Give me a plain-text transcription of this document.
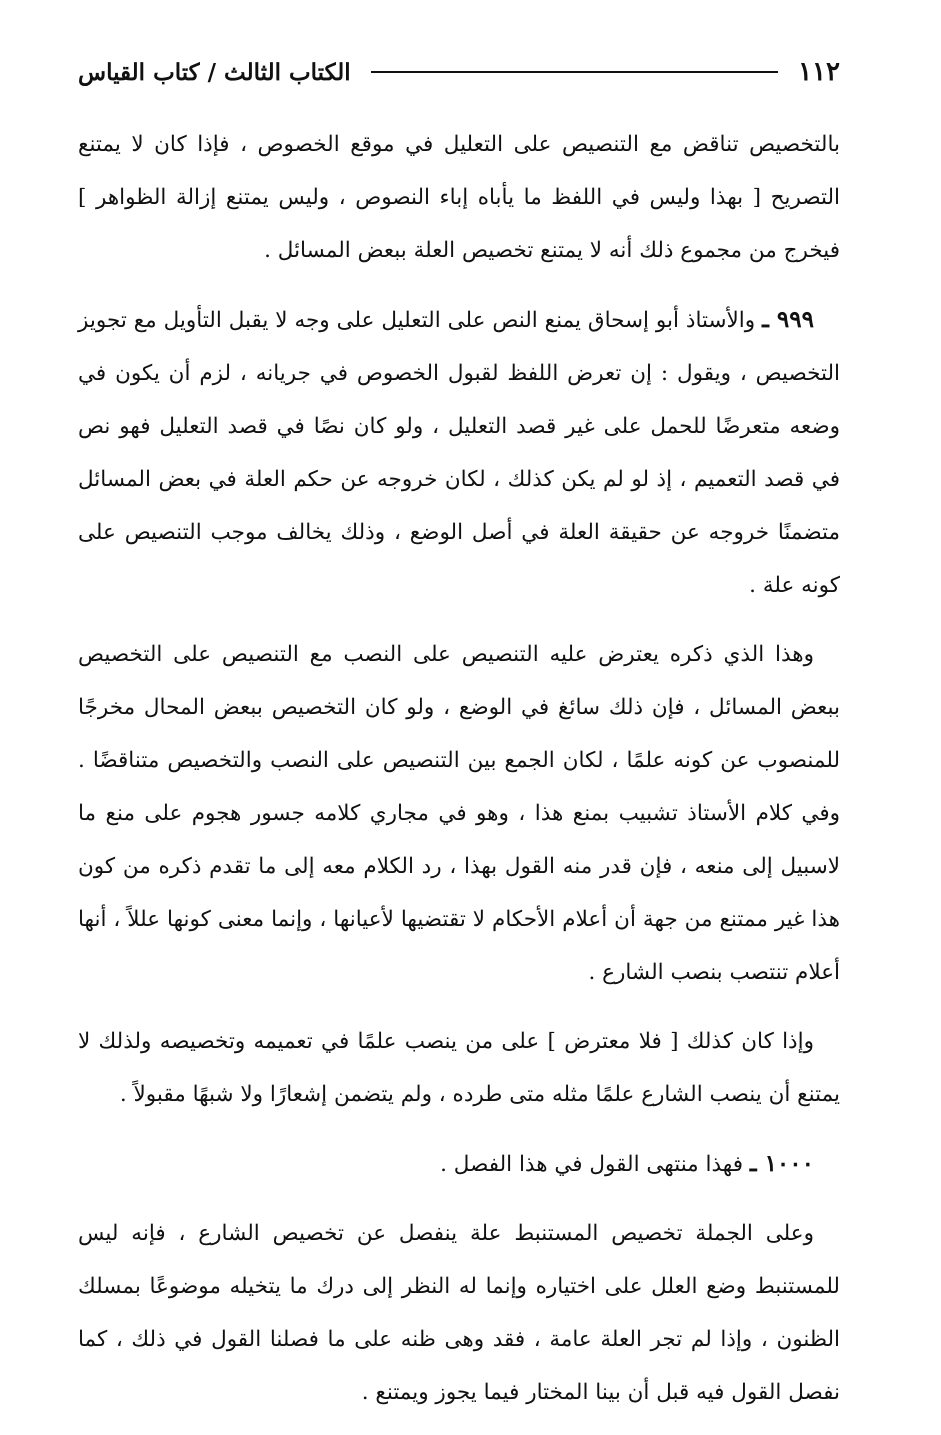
١١٢
الكتاب الثالث / كتاب القياس

بالتخصيص تناقض مع التنصيص على التعليل في موقع الخصوص ، فإذا كان لا يمتنع التصريح [ بهذا وليس في اللفظ ما يأباه إباء النصوص ، وليس يمتنع إزالة الظواهر ] فيخرج من مجموع ذلك أنه لا يمتنع تخصيص العلة ببعض المسائل .

٩٩٩ ـ والأستاذ أبو إسحاق يمنع النص على التعليل على وجه لا يقبل التأويل مع تجويز التخصيص ، ويقول : إن تعرض اللفظ لقبول الخصوص في جريانه ، لزم أن يكون في وضعه متعرضًا للحمل على غير قصد التعليل ، ولو كان نصًا في قصد التعليل فهو نص في قصد التعميم ، إذ لو لم يكن كذلك ، لكان خروجه عن حكم العلة في بعض المسائل متضمنًا خروجه عن حقيقة العلة في أصل الوضع ، وذلك يخالف موجب التنصيص على كونه علة .

وهذا الذي ذكره يعترض عليه التنصيص على النصب مع التنصيص على التخصيص ببعض المسائل ، فإن ذلك سائغ في الوضع ، ولو كان التخصيص ببعض المحال مخرجًا للمنصوب عن كونه علمًا ، لكان الجمع بين التنصيص على النصب والتخصيص متناقضًا . وفي كلام الأستاذ تشبيب بمنع هذا ، وهو في مجاري كلامه جسور هجوم على منع ما لاسبيل إلى منعه ، فإن قدر منه القول بهذا ، رد الكلام معه إلى ما تقدم ذكره من كون هذا غير ممتنع من جهة أن أعلام الأحكام لا تقتضيها لأعيانها ، وإنما معنى كونها عللاً ، أنها أعلام تنتصب بنصب الشارع .

وإذا كان كذلك [ فلا معترض ] على من ينصب علمًا في تعميمه وتخصيصه ولذلك لا يمتنع أن ينصب الشارع علمًا مثله متى طرده ، ولم يتضمن إشعارًا ولا شبهًا مقبولاً .

١٠٠٠ ـ فهذا منتهى القول في هذا الفصل .

وعلى الجملة تخصيص المستنبط علة ينفصل عن تخصيص الشارع ، فإنه ليس للمستنبط وضع العلل على اختياره وإنما له النظر إلى درك ما يتخيله موضوعًا بمسلك الظنون ، وإذا لم تجر العلة عامة ، فقد وهى ظنه على ما فصلنا القول في ذلك ، كما نفصل القول فيه قبل أن بينا المختار فيما يجوز ويمتنع .
